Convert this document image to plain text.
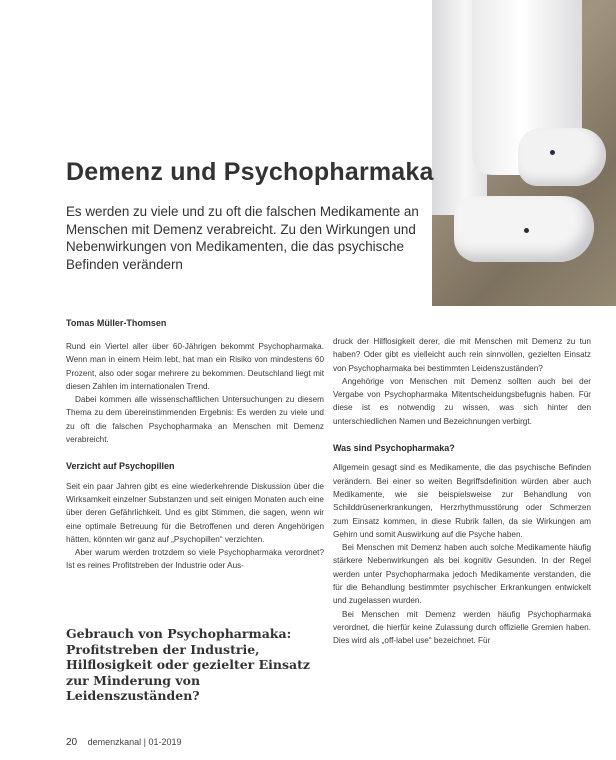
Demenz und Psychopharmaka

Es werden zu viele und zu oft die falschen Medikamente an Menschen mit Demenz verabreicht. Zu den Wirkungen und Nebenwirkungen von Medikamenten, die das psychische Befinden verändern

Tomas Müller-Thomsen

Rund ein Viertel aller über 60-Jährigen bekommt Psychopharmaka. Wenn man in einem Heim lebt, hat man ein Risiko von mindestens 60 Prozent, also oder sogar mehrere zu bekommen. Deutschland liegt mit diesen Zahlen im internationalen Trend.

Dabei kommen alle wissenschaftlichen Untersuchungen zu diesem Thema zu dem übereinstimmenden Ergebnis: Es werden zu viele und zu oft die falschen Psychopharmaka an Menschen mit Demenz verabreicht.

Verzicht auf Psychopillen

Seit ein paar Jahren gibt es eine wiederkehrende Diskussion über die Wirksamkeit einzelner Substanzen und seit einigen Monaten auch eine über deren Gefährlichkeit. Und es gibt Stimmen, die sagen, wenn wir eine optimale Betreuung für die Betroffenen und deren Angehörigen hätten, könnten wir ganz auf „Psychopillen“ verzichten.

Aber warum werden trotzdem so viele Psychopharmaka verordnet? Ist es reines Profitstreben der Industrie oder Aus-

Gebrauch von Psychopharmaka: Profitstreben der Industrie, Hilflosigkeit oder gezielter Einsatz zur Minderung von Leidenszuständen?

druck der Hilflosigkeit derer, die mit Menschen mit Demenz zu tun haben? Oder gibt es vielleicht auch rein sinnvollen, gezielten Einsatz von Psychopharmaka bei bestimmten Leidenszuständen?

Angehörige von Menschen mit Demenz sollten auch bei der Vergabe von Psychopharmaka Mitentscheidungsbefugnis haben. Für diese ist es notwendig zu wissen, was sich hinter den unterschiedlichen Namen und Bezeichnungen verbirgt.

Was sind Psychopharmaka?

Allgemein gesagt sind es Medikamente, die das psychische Befinden verändern. Bei einer so weiten Begriffsdefinition würden aber auch Medikamente, wie sie beispielsweise zur Behandlung von Schilddrüsenerkrankungen, Herzrhythmusstörung oder Schmerzen zum Einsatz kommen, in diese Rubrik fallen, da sie Wirkungen am Gehirn und somit Auswirkung auf die Psyche haben.

Bei Menschen mit Demenz haben auch solche Medikamente häufig stärkere Nebenwirkungen als bei kognitiv Gesunden. In der Regel werden unter Psychopharmaka jedoch Medikamente verstanden, die für die Behandlung bestimmter psychischer Erkrankungen entwickelt und zugelassen wurden.

Bei Menschen mit Demenz werden häufig Psychopharmaka verordnet, die hierfür keine Zulassung durch offizielle Gremien haben. Dies wird als „off-label use“ bezeichnet. Für

20 demenzkanal | 01-2019
